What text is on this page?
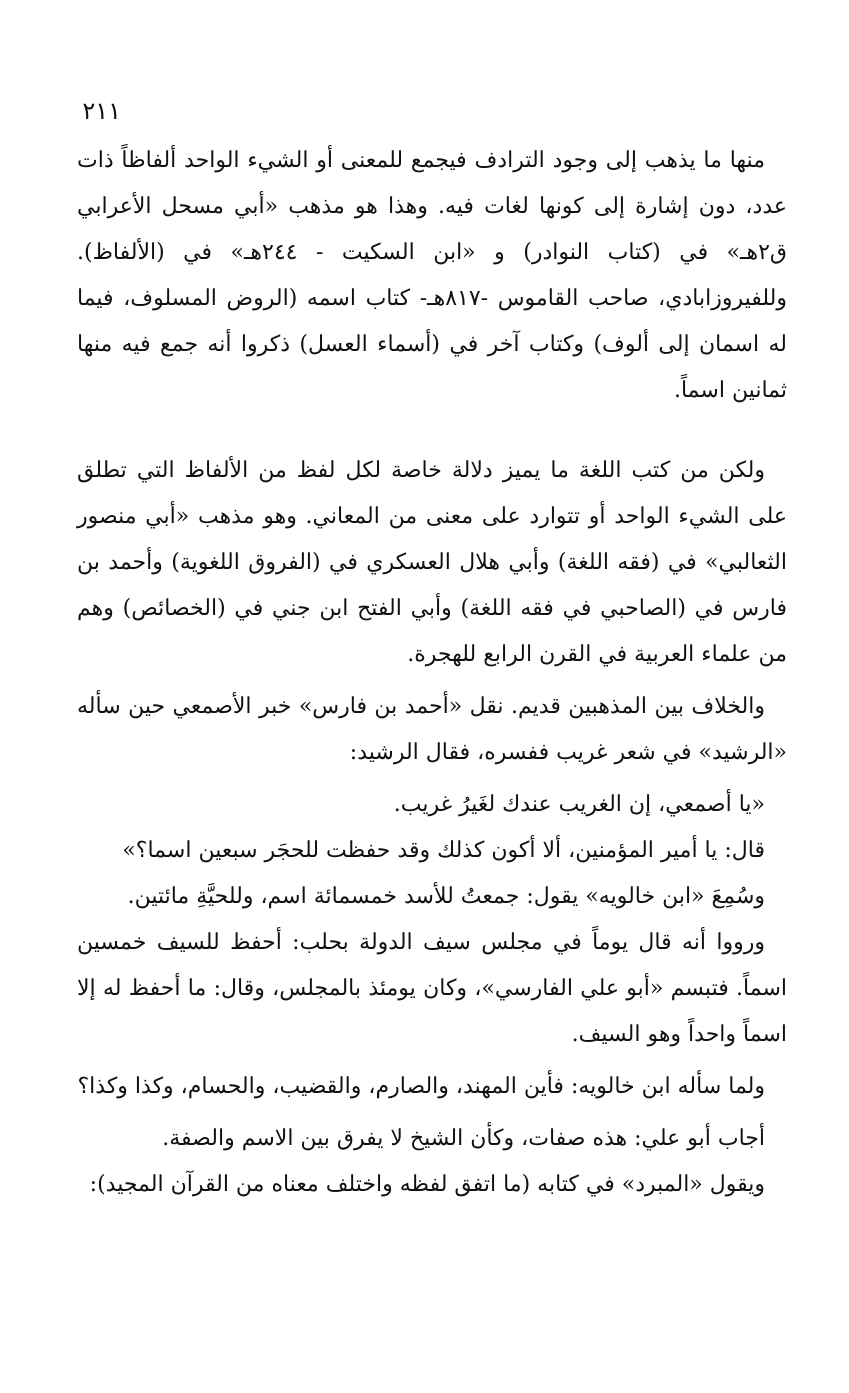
٢١١

منها ما يذهب إلى وجود الترادف فيجمع للمعنى أو الشيء الواحد ألفاظاً ذات عدد، دون إشارة إلى كونها لغات فيه. وهذا هو مذهب «أبي مسحل الأعرابي ق٢هـ» في (كتاب النوادر) و «ابن السكيت - ٢٤٤هـ» في (الألفاظ). وللفيروزابادي، صاحب القاموس -٨١٧هـ- كتاب اسمه (الروض المسلوف، فيما له اسمان إلى ألوف) وكتاب آخر في (أسماء العسل) ذكروا أنه جمع فيه منها ثمانين اسماً.

ولكن من كتب اللغة ما يميز دلالة خاصة لكل لفظ من الألفاظ التي تطلق على الشيء الواحد أو تتوارد على معنى من المعاني. وهو مذهب «أبي منصور الثعالبي» في (فقه اللغة) وأبي هلال العسكري في (الفروق اللغوية) وأحمد بن فارس في (الصاحبي في فقه اللغة) وأبي الفتح ابن جني في (الخصائص) وهم من علماء العربية في القرن الرابع للهجرة.

والخلاف بين المذهبين قديم. نقل «أحمد بن فارس» خبر الأصمعي حين سأله «الرشيد» في شعر غريب ففسره، فقال الرشيد:

«يا أصمعي، إن الغريب عندك لغَيرُ غريب.

قال: يا أمير المؤمنين، ألا أكون كذلك وقد حفظت للحجَر سبعين اسما؟»

وسُمِعَ «ابن خالويه» يقول: جمعتُ للأسد خمسمائة اسم، وللحيَّةِ مائتين.

ورووا أنه قال يوماً في مجلس سيف الدولة بحلب: أحفظ للسيف خمسين اسماً. فتبسم «أبو علي الفارسي»، وكان يومئذ بالمجلس، وقال: ما أحفظ له إلا اسماً واحداً وهو السيف.

ولما سأله ابن خالويه: فأين المهند، والصارم، والقضيب، والحسام، وكذا وكذا؟

أجاب أبو علي: هذه صفات، وكأن الشيخ لا يفرق بين الاسم والصفة.

ويقول «المبرد» في كتابه (ما اتفق لفظه واختلف معناه من القرآن المجيد):
